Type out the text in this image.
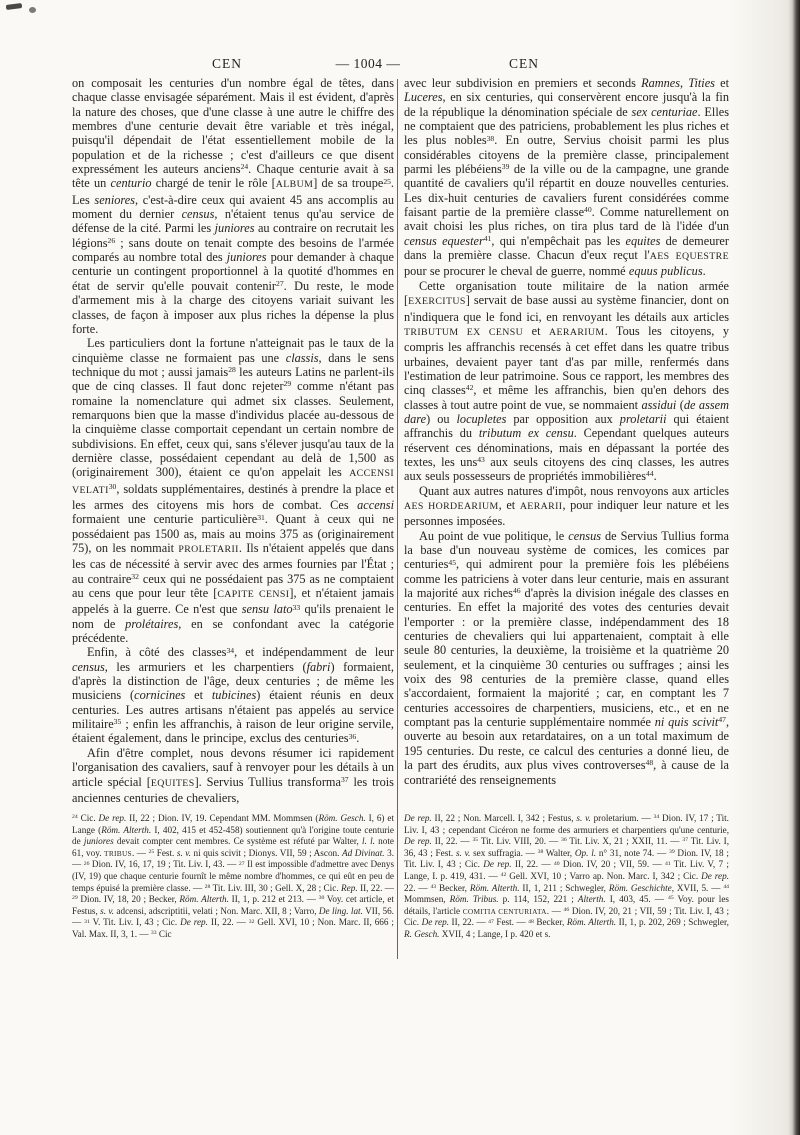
CEN	— 1004 —	CEN

on composait les centuries d'un nombre égal de têtes, dans chaque classe envisagée séparément. Mais il est évident, d'après la nature des choses, que d'une classe à une autre le chiffre des membres d'une centurie devait être variable et très inégal, puisqu'il dépendait de l'état essentiellement mobile de la population et de la richesse ; c'est d'ailleurs ce que disent expressément les auteurs anciens$^{24}$. Chaque centurie avait à sa tête un centurio chargé de tenir le rôle [ALBUM] de sa troupe$^{25}$. Les seniores, c'est-à-dire ceux qui avaient 45 ans accomplis au moment du dernier census, n'étaient tenus qu'au service de défense de la cité. Parmi les juniores au contraire on recrutait les légions$^{26}$ ; sans doute on tenait compte des besoins de l'armée comparés au nombre total des juniores pour demander à chaque centurie un contingent proportionnel à la quotité d'hommes en état de servir qu'elle pouvait contenir$^{27}$. Du reste, le mode d'armement mis à la charge des citoyens variait suivant les classes, de façon à imposer aux plus riches la dépense la plus forte.

Les particuliers dont la fortune n'atteignait pas le taux de la cinquième classe ne formaient pas une classis, dans le sens technique du mot ; aussi jamais$^{28}$ les auteurs Latins ne parlent-ils que de cinq classes. Il faut donc rejeter$^{29}$ comme n'étant pas romaine la nomenclature qui admet six classes. Seulement, remarquons bien que la masse d'individus placée au-dessous de la cinquième classe comportait cependant un certain nombre de subdivisions. En effet, ceux qui, sans s'élever jusqu'au taux de la dernière classe, possédaient cependant au delà de 1,500 as (originairement 300), étaient ce qu'on appelait les ACCENSI VELATI$^{30}$, soldats supplémentaires, destinés à prendre la place et les armes des citoyens mis hors de combat. Ces accensi formaient une centurie particulière$^{31}$. Quant à ceux qui ne possédaient pas 1500 as, mais au moins 375 as (originairement 75), on les nommait PROLETARII. Ils n'étaient appelés que dans les cas de nécessité à servir avec des armes fournies par l'État ; au contraire$^{32}$ ceux qui ne possédaient pas 375 as ne comptaient au cens que pour leur tête [CAPITE CENSI], et n'étaient jamais appelés à la guerre. Ce n'est que sensu lato$^{33}$ qu'ils prenaient le nom de prolétaires, en se confondant avec la catégorie précédente.

Enfin, à côté des classes$^{34}$, et indépendamment de leur census, les armuriers et les charpentiers (fabri) formaient, d'après la distinction de l'âge, deux centuries ; de même les musiciens (cornicines et tubicines) étaient réunis en deux centuries. Les autres artisans n'étaient pas appelés au service militaire$^{35}$ ; enfin les affranchis, à raison de leur origine servile, étaient également, dans le principe, exclus des centuries$^{36}$.

Afin d'être complet, nous devons résumer ici rapidement l'organisation des cavaliers, sauf à renvoyer pour les détails à un article spécial [EQUITES]. Servius Tullius transforma$^{37}$ les trois anciennes centuries de chevaliers,

avec leur subdivision en premiers et seconds Ramnes, Tities et Luceres, en six centuries, qui conservèrent encore jusqu'à la fin de la république la dénomination spéciale de sex centuriae. Elles ne comptaient que des patriciens, probablement les plus riches et les plus nobles$^{38}$. En outre, Servius choisit parmi les plus considérables citoyens de la première classe, principalement parmi les plébéiens$^{39}$ de la ville ou de la campagne, une grande quantité de cavaliers qu'il répartit en douze nouvelles centuries. Les dix-huit centuries de cavaliers furent considérées comme faisant partie de la première classe$^{40}$. Comme naturellement on avait choisi les plus riches, on tira plus tard de là l'idée d'un census equester$^{41}$, qui n'empêchait pas les equites de demeurer dans la première classe. Chacun d'eux reçut l'AES EQUESTRE pour se procurer le cheval de guerre, nommé equus publicus.

Cette organisation toute militaire de la nation armée [EXERCITUS] servait de base aussi au système financier, dont on n'indiquera que le fond ici, en renvoyant les détails aux articles TRIBUTUM EX CENSU et AERARIUM. Tous les citoyens, y compris les affranchis recensés à cet effet dans les quatre tribus urbaines, devaient payer tant d'as par mille, renfermés dans l'estimation de leur patrimoine. Sous ce rapport, les membres des cinq classes$^{42}$, et même les affranchis, bien qu'en dehors des classes à tout autre point de vue, se nommaient assidui (de assem dare) ou locupletes par opposition aux proletarii qui étaient affranchis du tributum ex censu. Cependant quelques auteurs réservent ces dénominations, mais en dépassant la portée des textes, les uns$^{43}$ aux seuls citoyens des cinq classes, les autres aux seuls possesseurs de propriétés immobilières$^{44}$.

Quant aux autres natures d'impôt, nous renvoyons aux articles AES HORDEARIUM, et AERARII, pour indiquer leur nature et les personnes imposées.

Au point de vue politique, le census de Servius Tullius forma la base d'un nouveau système de comices, les comices par centuries$^{45}$, qui admirent pour la première fois les plébéiens comme les patriciens à voter dans leur centurie, mais en assurant la majorité aux riches$^{46}$ d'après la division inégale des classes en centuries. En effet la majorité des votes des centuries devait l'emporter : or la première classe, indépendamment des 18 centuries de chevaliers qui lui appartenaient, comptait à elle seule 80 centuries, la deuxième, la troisième et la quatrième 20 seulement, et la cinquième 30 centuries ou suffrages ; ainsi les voix des 98 centuries de la première classe, quand elles s'accordaient, formaient la majorité ; car, en comptant les 7 centuries accessoires de charpentiers, musiciens, etc., et en ne comptant pas la centurie supplémentaire nommée ni quis scivit$^{47}$, ouverte au besoin aux retardataires, on a un total maximum de 195 centuries. Du reste, ce calcul des centuries a donné lieu, de la part des érudits, aux plus vives controverses$^{48}$, à cause de la contrariété des renseignements

$^{24}$ Cic. De rep. II, 22 ; Dion. IV, 19. Cependant MM. Mommsen (Röm. Gesch. I, 6) et Lange (Röm. Alterth. I, 402, 415 et 452-458) soutiennent qu'à l'origine toute centurie de juniores devait compter cent membres. Ce système est réfuté par Walter, l. l. note 61, voy. TRIBUS. — $^{25}$ Fest. s. v. ni quis scivit ; Dionys. VII, 59 ; Ascon. Ad Divinat. 3. — $^{26}$ Dion. IV, 16, 17, 19 ; Tit. Liv. I, 43. — $^{27}$ Il est impossible d'admettre avec Denys (IV, 19) que chaque centurie fournît le même nombre d'hommes, ce qui eût en peu de temps épuisé la première classe. — $^{28}$ Tit. Liv. III, 30 ; Gell. X, 28 ; Cic. Rep. II, 22. — $^{29}$ Dion. IV, 18, 20 ; Becker, Röm. Alterth. II, 1, p. 212 et 213. — $^{30}$ Voy. cet article, et Festus, s. v. adcensi, adscriptitii, velati ; Non. Marc. XII, 8 ; Varro, De ling. lat. VII, 56. — $^{31}$ V. Tit. Liv. I, 43 ; Cic. De rep. II, 22. — $^{32}$ Gell. XVI, 10 ; Non. Marc. II, 666 ; Val. Max. II, 3, 1. — $^{33}$ Cic
De rep. II, 22 ; Non. Marcell. I, 342 ; Festus, s. v. proletarium. — $^{34}$ Dion. IV, 17 ; Tit. Liv. I, 43 ; cependant Cicéron ne forme des armuriers et charpentiers qu'une centurie, De rep. II, 22. — $^{35}$ Tit. Liv. VIII, 20. — $^{36}$ Tit. Liv. X, 21 ; XXII, 11. — $^{37}$ Tit. Liv. I, 36, 43 ; Fest. s. v. sex suffragia. — $^{38}$ Walter, Op. l. n° 31, note 74. — $^{39}$ Dion. IV, 18 ; Tit. Liv. I, 43 ; Cic. De rep. II, 22. — $^{40}$ Dion. IV, 20 ; VII, 59. — $^{41}$ Tit. Liv. V, 7 ; Lange, I. p. 419, 431. — $^{42}$ Gell. XVI, 10 ; Varro ap. Non. Marc. I, 342 ; Cic. De rep. 22. — $^{43}$ Becker, Röm. Alterth. II, 1, 211 ; Schwegler, Röm. Geschichte, XVII, 5. — $^{44}$ Mommsen, Röm. Tribus. p. 114, 152, 221 ; Alterth. I, 403, 45. — $^{45}$ Voy. pour les détails, l'article COMITIA CENTURIATA. — $^{46}$ Dion. IV, 20, 21 ; VII, 59 ; Tit. Liv. I, 43 ; Cic. De rep. II, 22. — $^{47}$ Fest. — $^{48}$ Becker, Röm. Alterth. II, 1, p. 202, 269 ; Schwegler, R. Gesch. XVII, 4 ; Lange, I p. 420 et s.
